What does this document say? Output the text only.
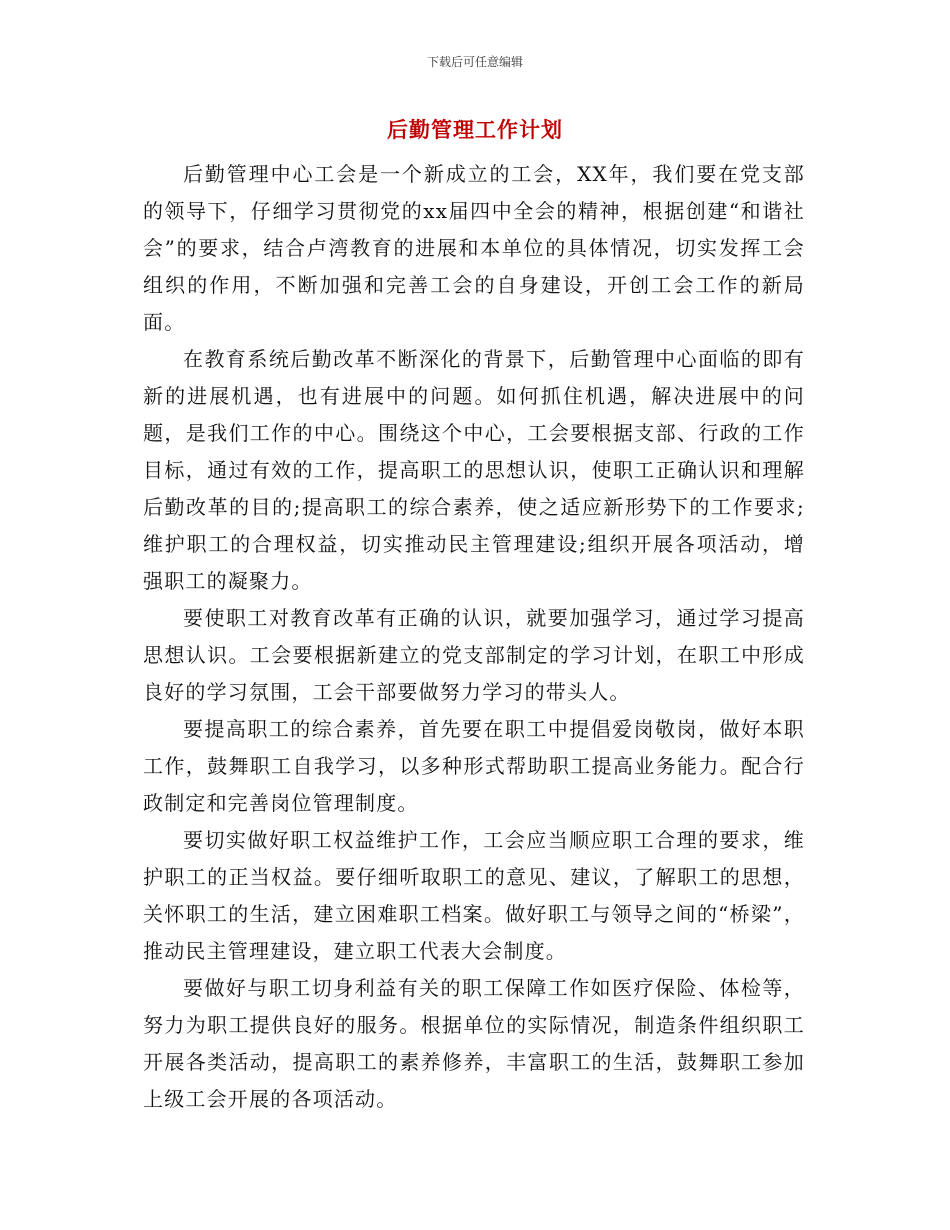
下载后可任意编辑
后勤管理工作计划

后勤管理中心工会是一个新成立的工会，XX年，我们要在党支部的领导下，仔细学习贯彻党的xx届四中全会的精神，根据创建“和谐社会”的要求，结合卢湾教育的进展和本单位的具体情况，切实发挥工会组织的作用，不断加强和完善工会的自身建设，开创工会工作的新局面。

在教育系统后勤改革不断深化的背景下，后勤管理中心面临的即有新的进展机遇，也有进展中的问题。如何抓住机遇，解决进展中的问题，是我们工作的中心。围绕这个中心，工会要根据支部、行政的工作目标，通过有效的工作，提高职工的思想认识，使职工正确认识和理解后勤改革的目的;提高职工的综合素养，使之适应新形势下的工作要求;维护职工的合理权益，切实推动民主管理建设;组织开展各项活动，增强职工的凝聚力。

要使职工对教育改革有正确的认识，就要加强学习，通过学习提高思想认识。工会要根据新建立的党支部制定的学习计划，在职工中形成良好的学习氛围，工会干部要做努力学习的带头人。

要提高职工的综合素养，首先要在职工中提倡爱岗敬岗，做好本职工作，鼓舞职工自我学习，以多种形式帮助职工提高业务能力。配合行政制定和完善岗位管理制度。

要切实做好职工权益维护工作，工会应当顺应职工合理的要求，维护职工的正当权益。要仔细听取职工的意见、建议，了解职工的思想，关怀职工的生活，建立困难职工档案。做好职工与领导之间的“桥梁”，推动民主管理建设，建立职工代表大会制度。

要做好与职工切身利益有关的职工保障工作如医疗保险、体检等，努力为职工提供良好的服务。根据单位的实际情况，制造条件组织职工开展各类活动，提高职工的素养修养，丰富职工的生活，鼓舞职工参加上级工会开展的各项活动。
